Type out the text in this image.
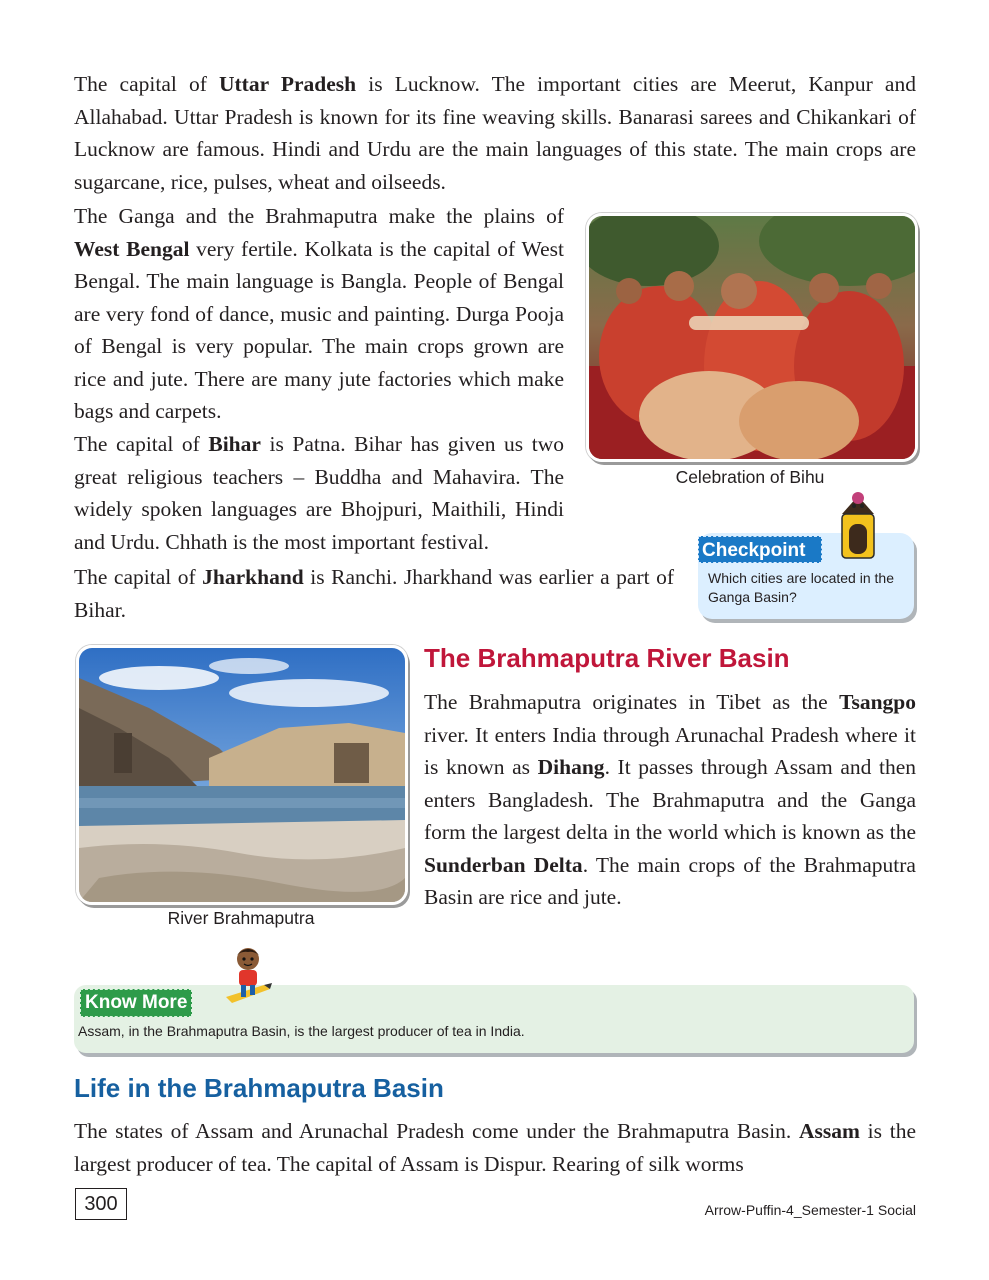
The capital of Uttar Pradesh is Lucknow. The important cities are Meerut, Kanpur and Allahabad. Uttar Pradesh is known for its fine weaving skills. Banarasi sarees and Chikankari of Lucknow are famous. Hindi and Urdu are the main languages of this state. The main crops are sugarcane, rice, pulses, wheat and oilseeds.

The Ganga and the Brahmaputra make the plains of West Bengal very fertile. Kolkata is the capital of West Bengal. The main language is Bangla. People of Bengal are very fond of dance, music and painting. Durga Pooja of Bengal is very popular. The main crops grown are rice and jute. There are many jute factories which make bags and carpets.

The capital of Bihar is Patna. Bihar has given us two great religious teachers – Buddha and Mahavira. The widely spoken languages are Bhojpuri, Maithili, Hindi and Urdu. Chhath is the most important festival.

The capital of Jharkhand is Ranchi. Jharkhand was earlier a part of Bihar.

Celebration of Bihu
Checkpoint
Which cities are located in the Ganga Basin?
River Brahmaputra
The Brahmaputra River Basin

The Brahmaputra originates in Tibet as the Tsangpo river. It enters India through Arunachal Pradesh where it is known as Dihang. It passes through Assam and then enters Bangladesh. The Brahmaputra and the Ganga form the largest delta in the world which is known as the Sunderban Delta. The main crops of the Brahmaputra Basin are rice and jute.

Know More
Assam, in the Brahmaputra Basin, is the largest producer of tea in India.
Life in the Brahmaputra Basin

The states of Assam and Arunachal Pradesh come under the Brahmaputra Basin. Assam is the largest producer of tea. The capital of Assam is Dispur. Rearing of silk worms

300	Arrow-Puffin-4_Semester-1 Social
